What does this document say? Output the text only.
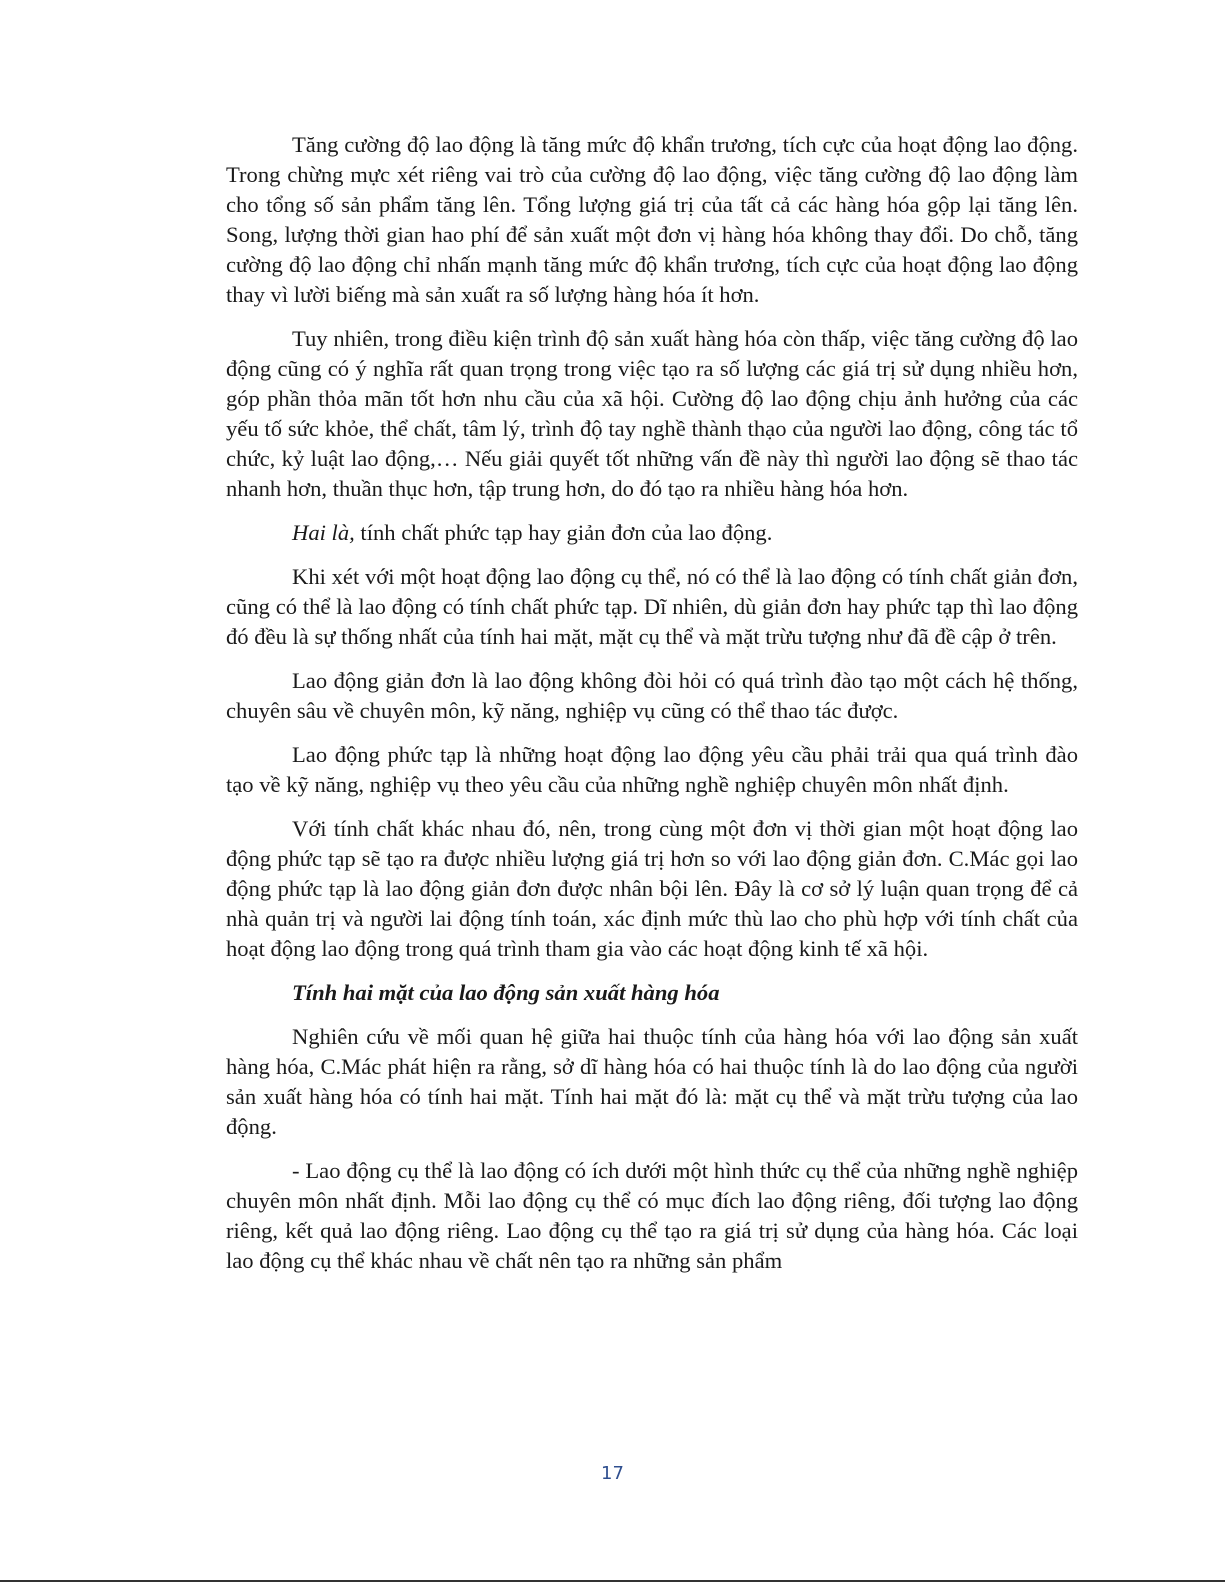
Tăng cường độ lao động là tăng mức độ khẩn trương, tích cực của hoạt động lao động. Trong chừng mực xét riêng vai trò của cường độ lao động, việc tăng cường độ lao động làm cho tổng số sản phẩm tăng lên. Tổng lượng giá trị của tất cả các hàng hóa gộp lại tăng lên. Song, lượng thời gian hao phí để sản xuất một đơn vị hàng hóa không thay đổi. Do chỗ, tăng cường độ lao động chỉ nhấn mạnh tăng mức độ khẩn trương, tích cực của hoạt động lao động thay vì lười biếng mà sản xuất ra số lượng hàng hóa ít hơn.

Tuy nhiên, trong điều kiện trình độ sản xuất hàng hóa còn thấp, việc tăng cường độ lao động cũng có ý nghĩa rất quan trọng trong việc tạo ra số lượng các giá trị sử dụng nhiều hơn, góp phần thỏa mãn tốt hơn nhu cầu của xã hội. Cường độ lao động chịu ảnh hưởng của các yếu tố sức khỏe, thể chất, tâm lý, trình độ tay nghề thành thạo của người lao động, công tác tổ chức, kỷ luật lao động,… Nếu giải quyết tốt những vấn đề này thì người lao động sẽ thao tác nhanh hơn, thuần thục hơn, tập trung hơn, do đó tạo ra nhiều hàng hóa hơn.

Hai là, tính chất phức tạp hay giản đơn của lao động.

Khi xét với một hoạt động lao động cụ thể, nó có thể là lao động có tính chất giản đơn, cũng có thể là lao động có tính chất phức tạp. Dĩ nhiên, dù giản đơn hay phức tạp thì lao động đó đều là sự thống nhất của tính hai mặt, mặt cụ thể và mặt trừu tượng như đã đề cập ở trên.

Lao động giản đơn là lao động không đòi hỏi có quá trình đào tạo một cách hệ thống, chuyên sâu về chuyên môn, kỹ năng, nghiệp vụ cũng có thể thao tác được.

Lao động phức tạp là những hoạt động lao động yêu cầu phải trải qua quá trình đào tạo về kỹ năng, nghiệp vụ theo yêu cầu của những nghề nghiệp chuyên môn nhất định.

Với tính chất khác nhau đó, nên, trong cùng một đơn vị thời gian một hoạt động lao động phức tạp sẽ tạo ra được nhiều lượng giá trị hơn so với lao động giản đơn. C.Mác gọi lao động phức tạp là lao động giản đơn được nhân bội lên. Đây là cơ sở lý luận quan trọng để cả nhà quản trị và người lai động tính toán, xác định mức thù lao cho phù hợp với tính chất của hoạt động lao động trong quá trình tham gia vào các hoạt động kinh tế xã hội.

Tính hai mặt của lao động sản xuất hàng hóa

Nghiên cứu về mối quan hệ giữa hai thuộc tính của hàng hóa với lao động sản xuất hàng hóa, C.Mác phát hiện ra rằng, sở dĩ hàng hóa có hai thuộc tính là do lao động của người sản xuất hàng hóa có tính hai mặt. Tính hai mặt đó là: mặt cụ thể và mặt trừu tượng của lao động.

- Lao động cụ thể là lao động có ích dưới một hình thức cụ thể của những nghề nghiệp chuyên môn nhất định. Mỗi lao động cụ thể có mục đích lao động riêng, đối tượng lao động riêng, kết quả lao động riêng. Lao động cụ thể tạo ra giá trị sử dụng của hàng hóa. Các loại lao động cụ thể khác nhau về chất nên tạo ra những sản phẩm

17
